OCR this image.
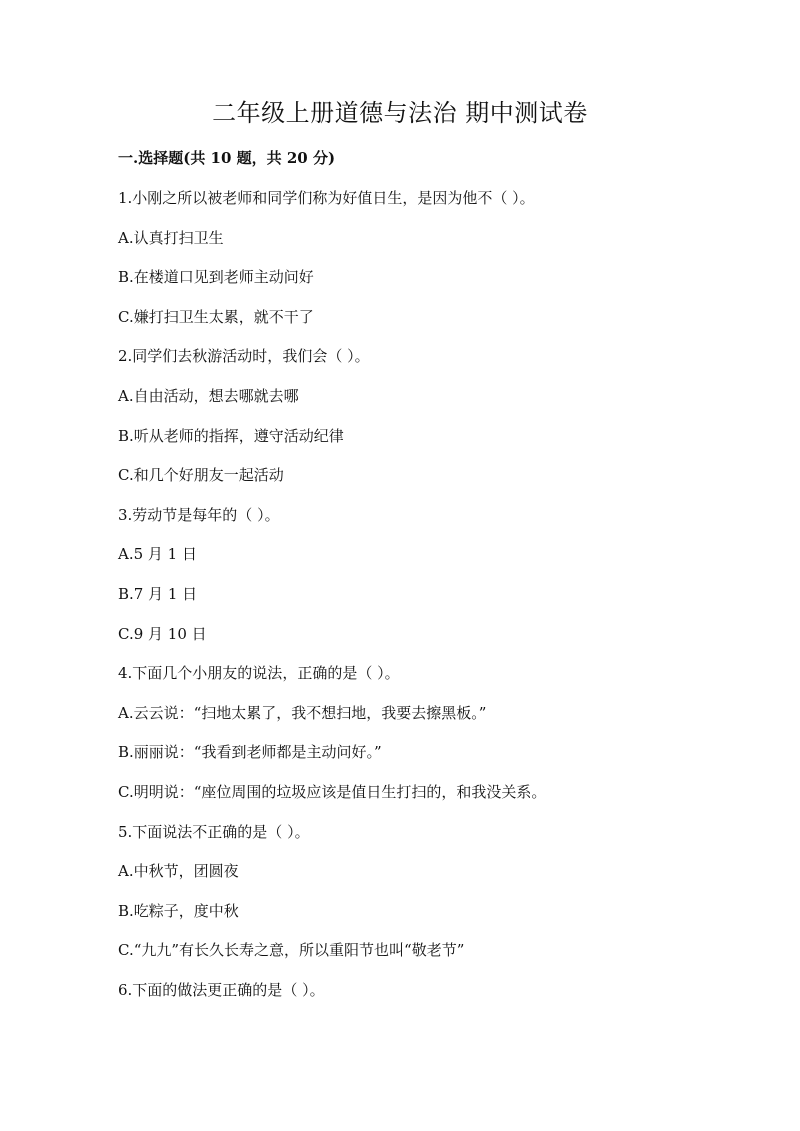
二年级上册道德与法治 期中测试卷
一.选择题(共 10 题，共 20 分)
1.小刚之所以被老师和同学们称为好值日生，是因为他不（ ）。
A.认真打扫卫生
B.在楼道口见到老师主动问好
C.嫌打扫卫生太累，就不干了
2.同学们去秋游活动时，我们会（ ）。
A.自由活动，想去哪就去哪
B.听从老师的指挥，遵守活动纪律
C.和几个好朋友一起活动
3.劳动节是每年的（ ）。
A.5 月 1 日
B.7 月 1 日
C.9 月 10 日
4.下面几个小朋友的说法，正确的是（ ）。
A.云云说：“扫地太累了，我不想扫地，我要去擦黑板。”
B.丽丽说：“我看到老师都是主动问好。”
C.明明说：“座位周围的垃圾应该是值日生打扫的，和我没关系。
5.下面说法不正确的是（ ）。
A.中秋节，团圆夜
B.吃粽子，度中秋
C.“九九”有长久长寿之意，所以重阳节也叫“敬老节”
6.下面的做法更正确的是（ ）。
